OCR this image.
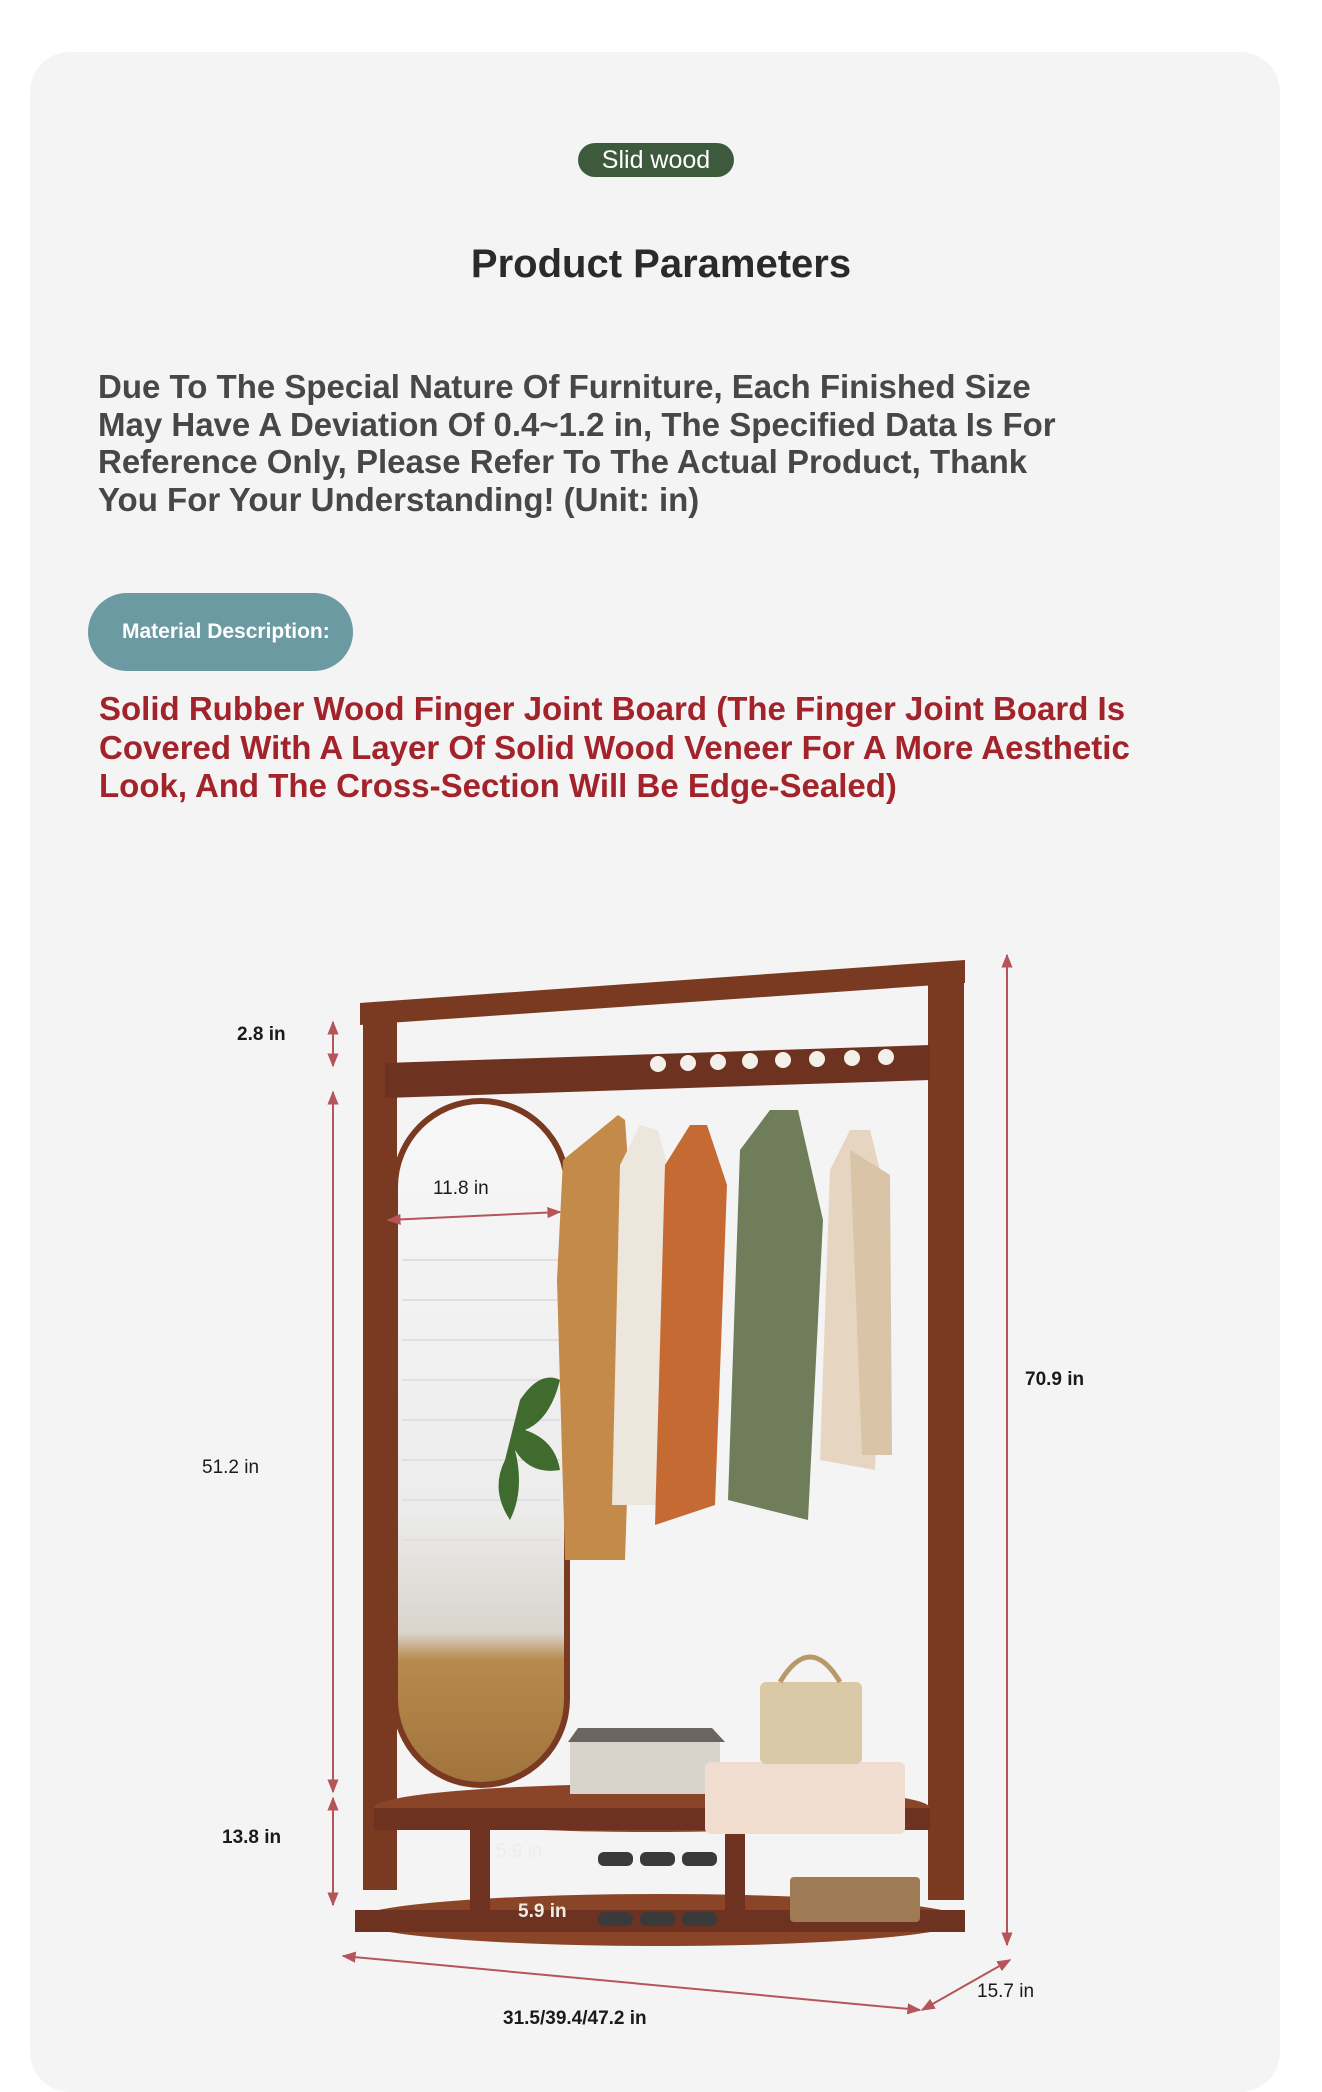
Slid wood
Product Parameters
Due To The Special Nature Of Furniture, Each Finished Size May Have A Deviation Of 0.4~1.2 in, The Specified Data Is For Reference Only, Please Refer To The Actual Product, Thank You For Your Understanding! (Unit: in)
Material Description:
Solid Rubber Wood Finger Joint Board (The Finger Joint Board Is Covered With A Layer Of Solid Wood Veneer For A More Aesthetic Look, And The Cross-Section Will Be Edge-Sealed)
2.8 in
11.8 in
51.2 in
70.9 in
13.8 in
5.9 in
5.9 in
31.5/39.4/47.2 in
15.7 in
